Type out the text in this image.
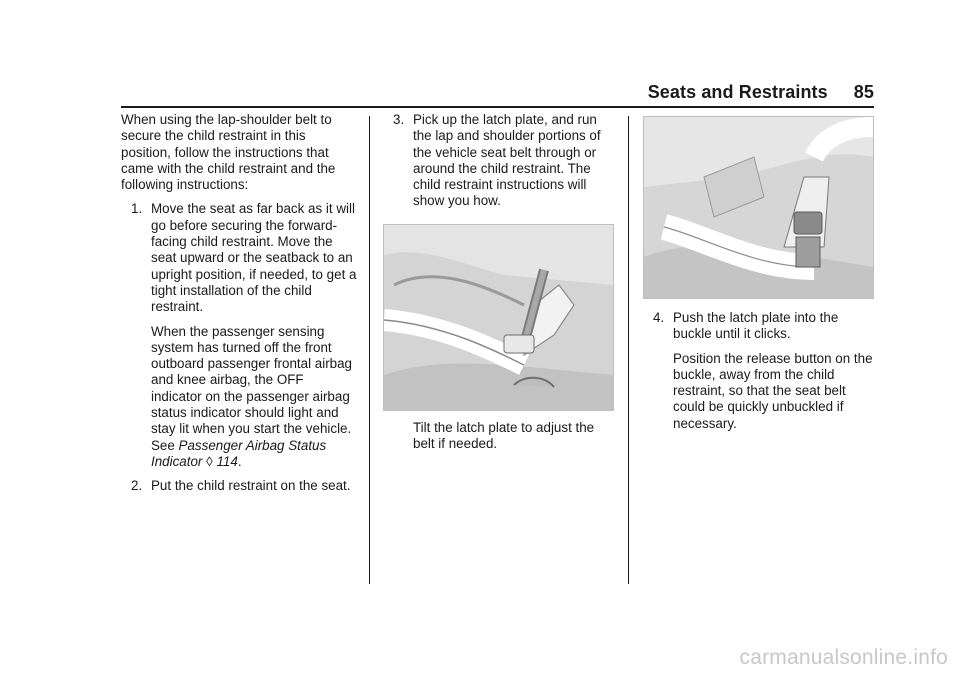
Seats and Restraints 85

When using the lap-shoulder belt to secure the child restraint in this position, follow the instructions that came with the child restraint and the following instructions:

1. Move the seat as far back as it will go before securing the forward-facing child restraint. Move the seat upward or the seatback to an upright position, if needed, to get a tight installation of the child restraint.

When the passenger sensing system has turned off the front outboard passenger frontal airbag and knee airbag, the OFF indicator on the passenger airbag status indicator should light and stay lit when you start the vehicle. See Passenger Airbag Status Indicator ◊ 114.

2. Put the child restraint on the seat.

3. Pick up the latch plate, and run the lap and shoulder portions of the vehicle seat belt through or around the child restraint. The child restraint instructions will show you how.

Tilt the latch plate to adjust the belt if needed.

4. Push the latch plate into the buckle until it clicks.

Position the release button on the buckle, away from the child restraint, so that the seat belt could be quickly unbuckled if necessary.

carmanualsonline.info
